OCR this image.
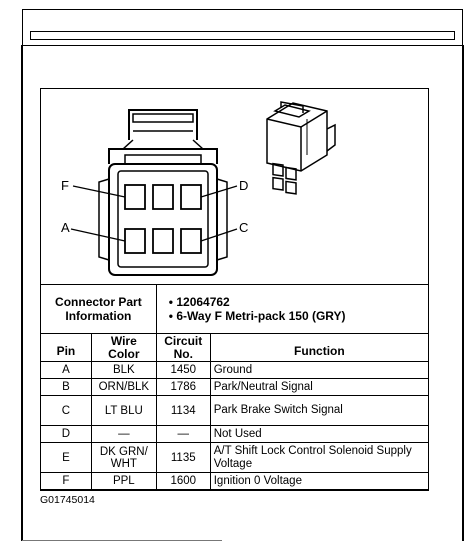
F	D
A	C
Connector Part Information		• 12064762
• 6-Way F Metri-pack 150 (GRY)	

Pin	Wire Color	Circuit No.	Function
A	BLK	1450	Ground
B	ORN/BLK	1786	Park/Neutral Signal
C	LT BLU	1134	Park Brake Switch Signal
D	—	—	Not Used
E	DK GRN/ WHT	1135	A/T Shift Lock Control Solenoid Supply Voltage
F	PPL	1600	Ignition 0 Voltage
G01745014
